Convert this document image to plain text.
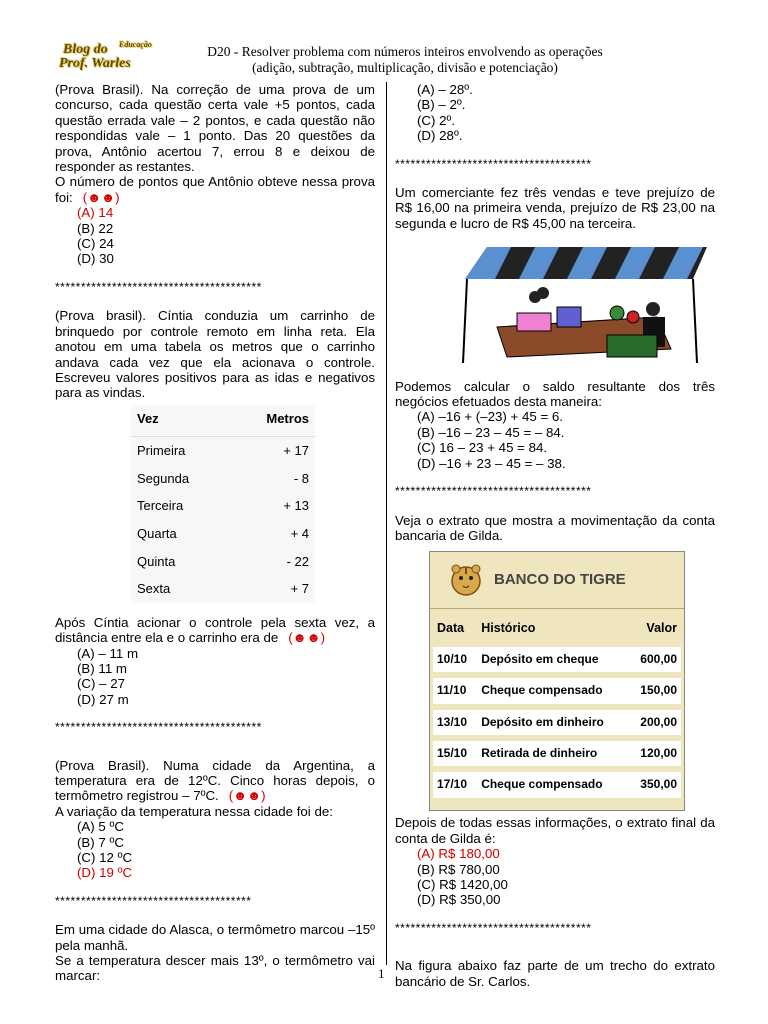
Blog do
Prof. Warles
Educação	D20 - Resolver problema com números inteiros envolvendo as operações
(adição, subtração, multiplicação, divisão e potenciação)

(Prova Brasil). Na correção de uma prova de um concurso, cada questão certa vale +5 pontos, cada questão errada vale – 2 pontos, e cada questão não respondidas vale – 1 ponto. Das 20 questões da prova, Antônio acertou 7, errou 8 e deixou de responder as restantes.

O número de pontos que Antônio obteve nessa prova foi: (☻☻)

(A) 14

(B) 22

(C) 24

(D) 30

****************************************

(Prova brasil). Cíntia conduzia um carrinho de brinquedo por controle remoto em linha reta. Ela anotou em uma tabela os metros que o carrinho andava cada vez que ela acionava o controle. Escreveu valores positivos para as idas e negativos para as vindas.

Vez	Metros
Primeira	+ 17
Segunda	- 8
Terceira	+ 13
Quarta	+ 4
Quinta	- 22
Sexta	+ 7

Após Cíntia acionar o controle pela sexta vez, a distância entre ela e o carrinho era de (☻☻)

(A) – 11 m

(B) 11 m

(C) – 27

(D) 27 m

****************************************

(Prova Brasil). Numa cidade da Argentina, a temperatura era de 12ºC. Cinco horas depois, o termômetro registrou – 7ºC. (☻☻)

A variação da temperatura nessa cidade foi de:

(A) 5 ºC

(B) 7 ºC

(C) 12 ºC

(D) 19 ºC

**************************************

Em uma cidade do Alasca, o termômetro marcou –15º pela manhã.

Se a temperatura descer mais 13º, o termômetro vai marcar:

(A) – 28º.

(B) – 2º.

(C) 2º.

(D) 28º.

**************************************

Um comerciante fez três vendas e teve prejuízo de R$ 16,00 na primeira venda, prejuízo de R$ 23,00 na segunda e lucro de R$ 45,00 na terceira.

Podemos calcular o saldo resultante dos três negócios efetuados desta maneira:

(A) –16 + (–23) + 45 = 6.

(B) –16 – 23 – 45 = – 84.

(C) 16 – 23 + 45 = 84.

(D) –16 + 23 – 45 = – 38.

**************************************

Veja o extrato que mostra a movimentação da conta bancaria de Gilda.

BANCO DO TIGRE
Data	Histórico	Valor
10/10	Depósito em cheque	600,00
11/10	Cheque compensado	150,00
13/10	Depósito em dinheiro	200,00
15/10	Retirada de dinheiro	120,00
17/10	Cheque compensado	350,00

Depois de todas essas informações, o extrato final da conta de Gilda é:

(A) R$ 180,00

(B) R$ 780,00

(C) R$ 1420,00

(D) R$ 350,00

**************************************

Na figura abaixo faz parte de um trecho do extrato bancário de Sr. Carlos.

1
